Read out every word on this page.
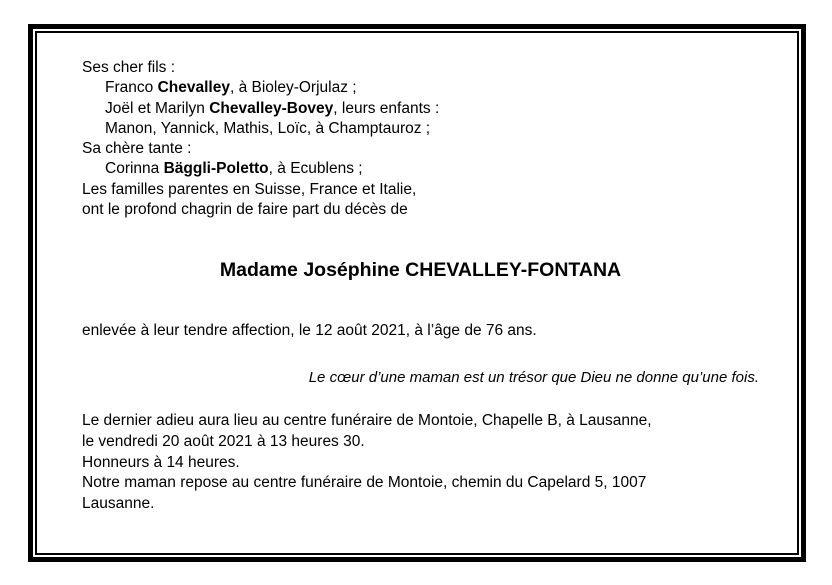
Ses cher fils :
Franco Chevalley, à Bioley-Orjulaz ;
Joël et Marilyn Chevalley-Bovey, leurs enfants :
Manon, Yannick, Mathis, Loïc, à Champtauroz ;
Sa chère tante :
Corinna Bäggli-Poletto, à Ecublens ;
Les familles parentes en Suisse, France et Italie,
ont le profond chagrin de faire part du décès de
Madame Joséphine CHEVALLEY-FONTANA
enlevée à leur tendre affection, le 12 août 2021, à l’âge de 76 ans.
Le cœur d’une maman est un trésor que Dieu ne donne qu’une fois.
Le dernier adieu aura lieu au centre funéraire de Montoie, Chapelle B, à Lausanne,
le vendredi 20 août 2021 à 13 heures 30.
Honneurs à 14 heures.
Notre maman repose au centre funéraire de Montoie, chemin du Capelard 5, 1007
Lausanne.
